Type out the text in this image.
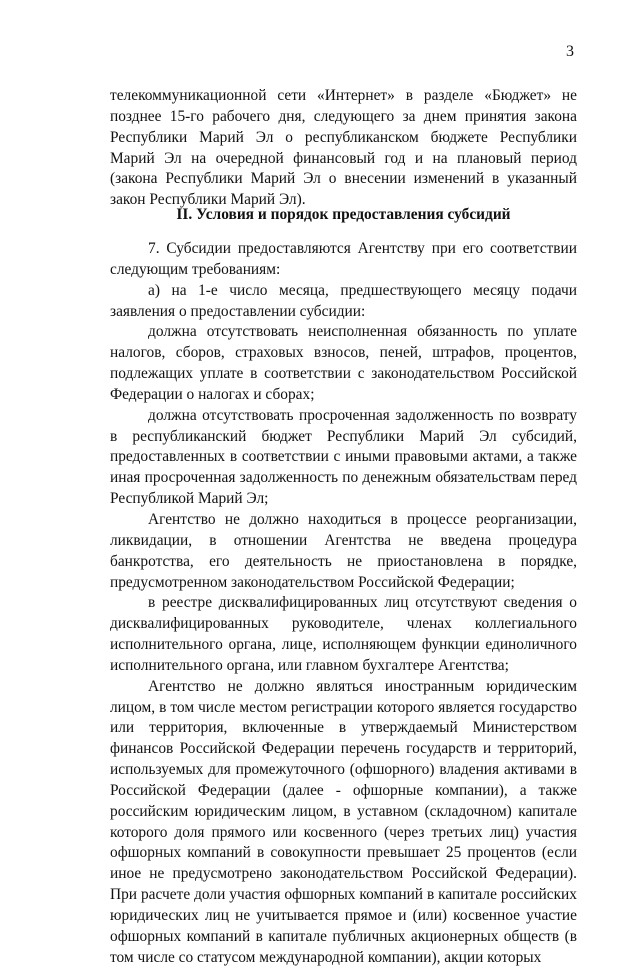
3

телекоммуникационной сети «Интернет» в разделе «Бюджет» не позднее 15-го рабочего дня, следующего за днем принятия закона Республики Марий Эл о республиканском бюджете Республики Марий Эл на очередной финансовый год и на плановый период (закона Республики Марий Эл о внесении изменений в указанный закон Республики Марий Эл).

II. Условия и порядок предоставления субсидий

7. Субсидии предоставляются Агентству при его соответствии следующим требованиям:

а) на 1-е число месяца, предшествующего месяцу подачи заявления о предоставлении субсидии:

должна отсутствовать неисполненная обязанность по уплате налогов, сборов, страховых взносов, пеней, штрафов, процентов, подлежащих уплате в соответствии с законодательством Российской Федерации о налогах и сборах;

должна отсутствовать просроченная задолженность по возврату в республиканский бюджет Республики Марий Эл субсидий, предоставленных в соответствии с иными правовыми актами, а также иная просроченная задолженность по денежным обязательствам перед Республикой Марий Эл;

Агентство не должно находиться в процессе реорганизации, ликвидации, в отношении Агентства не введена процедура банкротства, его деятельность не приостановлена в порядке, предусмотренном законодательством Российской Федерации;

в реестре дисквалифицированных лиц отсутствуют сведения о дисквалифицированных руководителе, членах коллегиального исполнительного органа, лице, исполняющем функции единоличного исполнительного органа, или главном бухгалтере Агентства;

Агентство не должно являться иностранным юридическим лицом, в том числе местом регистрации которого является государство или территория, включенные в утверждаемый Министерством финансов Российской Федерации перечень государств и территорий, используемых для промежуточного (офшорного) владения активами в Российской Федерации (далее - офшорные компании), а также российским юридическим лицом, в уставном (складочном) капитале которого доля прямого или косвенного (через третьих лиц) участия офшорных компаний в совокупности превышает 25 процентов (если иное не предусмотрено законодательством Российской Федерации). При расчете доли участия офшорных компаний в капитале российских юридических лиц не учитывается прямое и (или) косвенное участие офшорных компаний в капитале публичных акционерных обществ (в том числе со статусом международной компании), акции которых
